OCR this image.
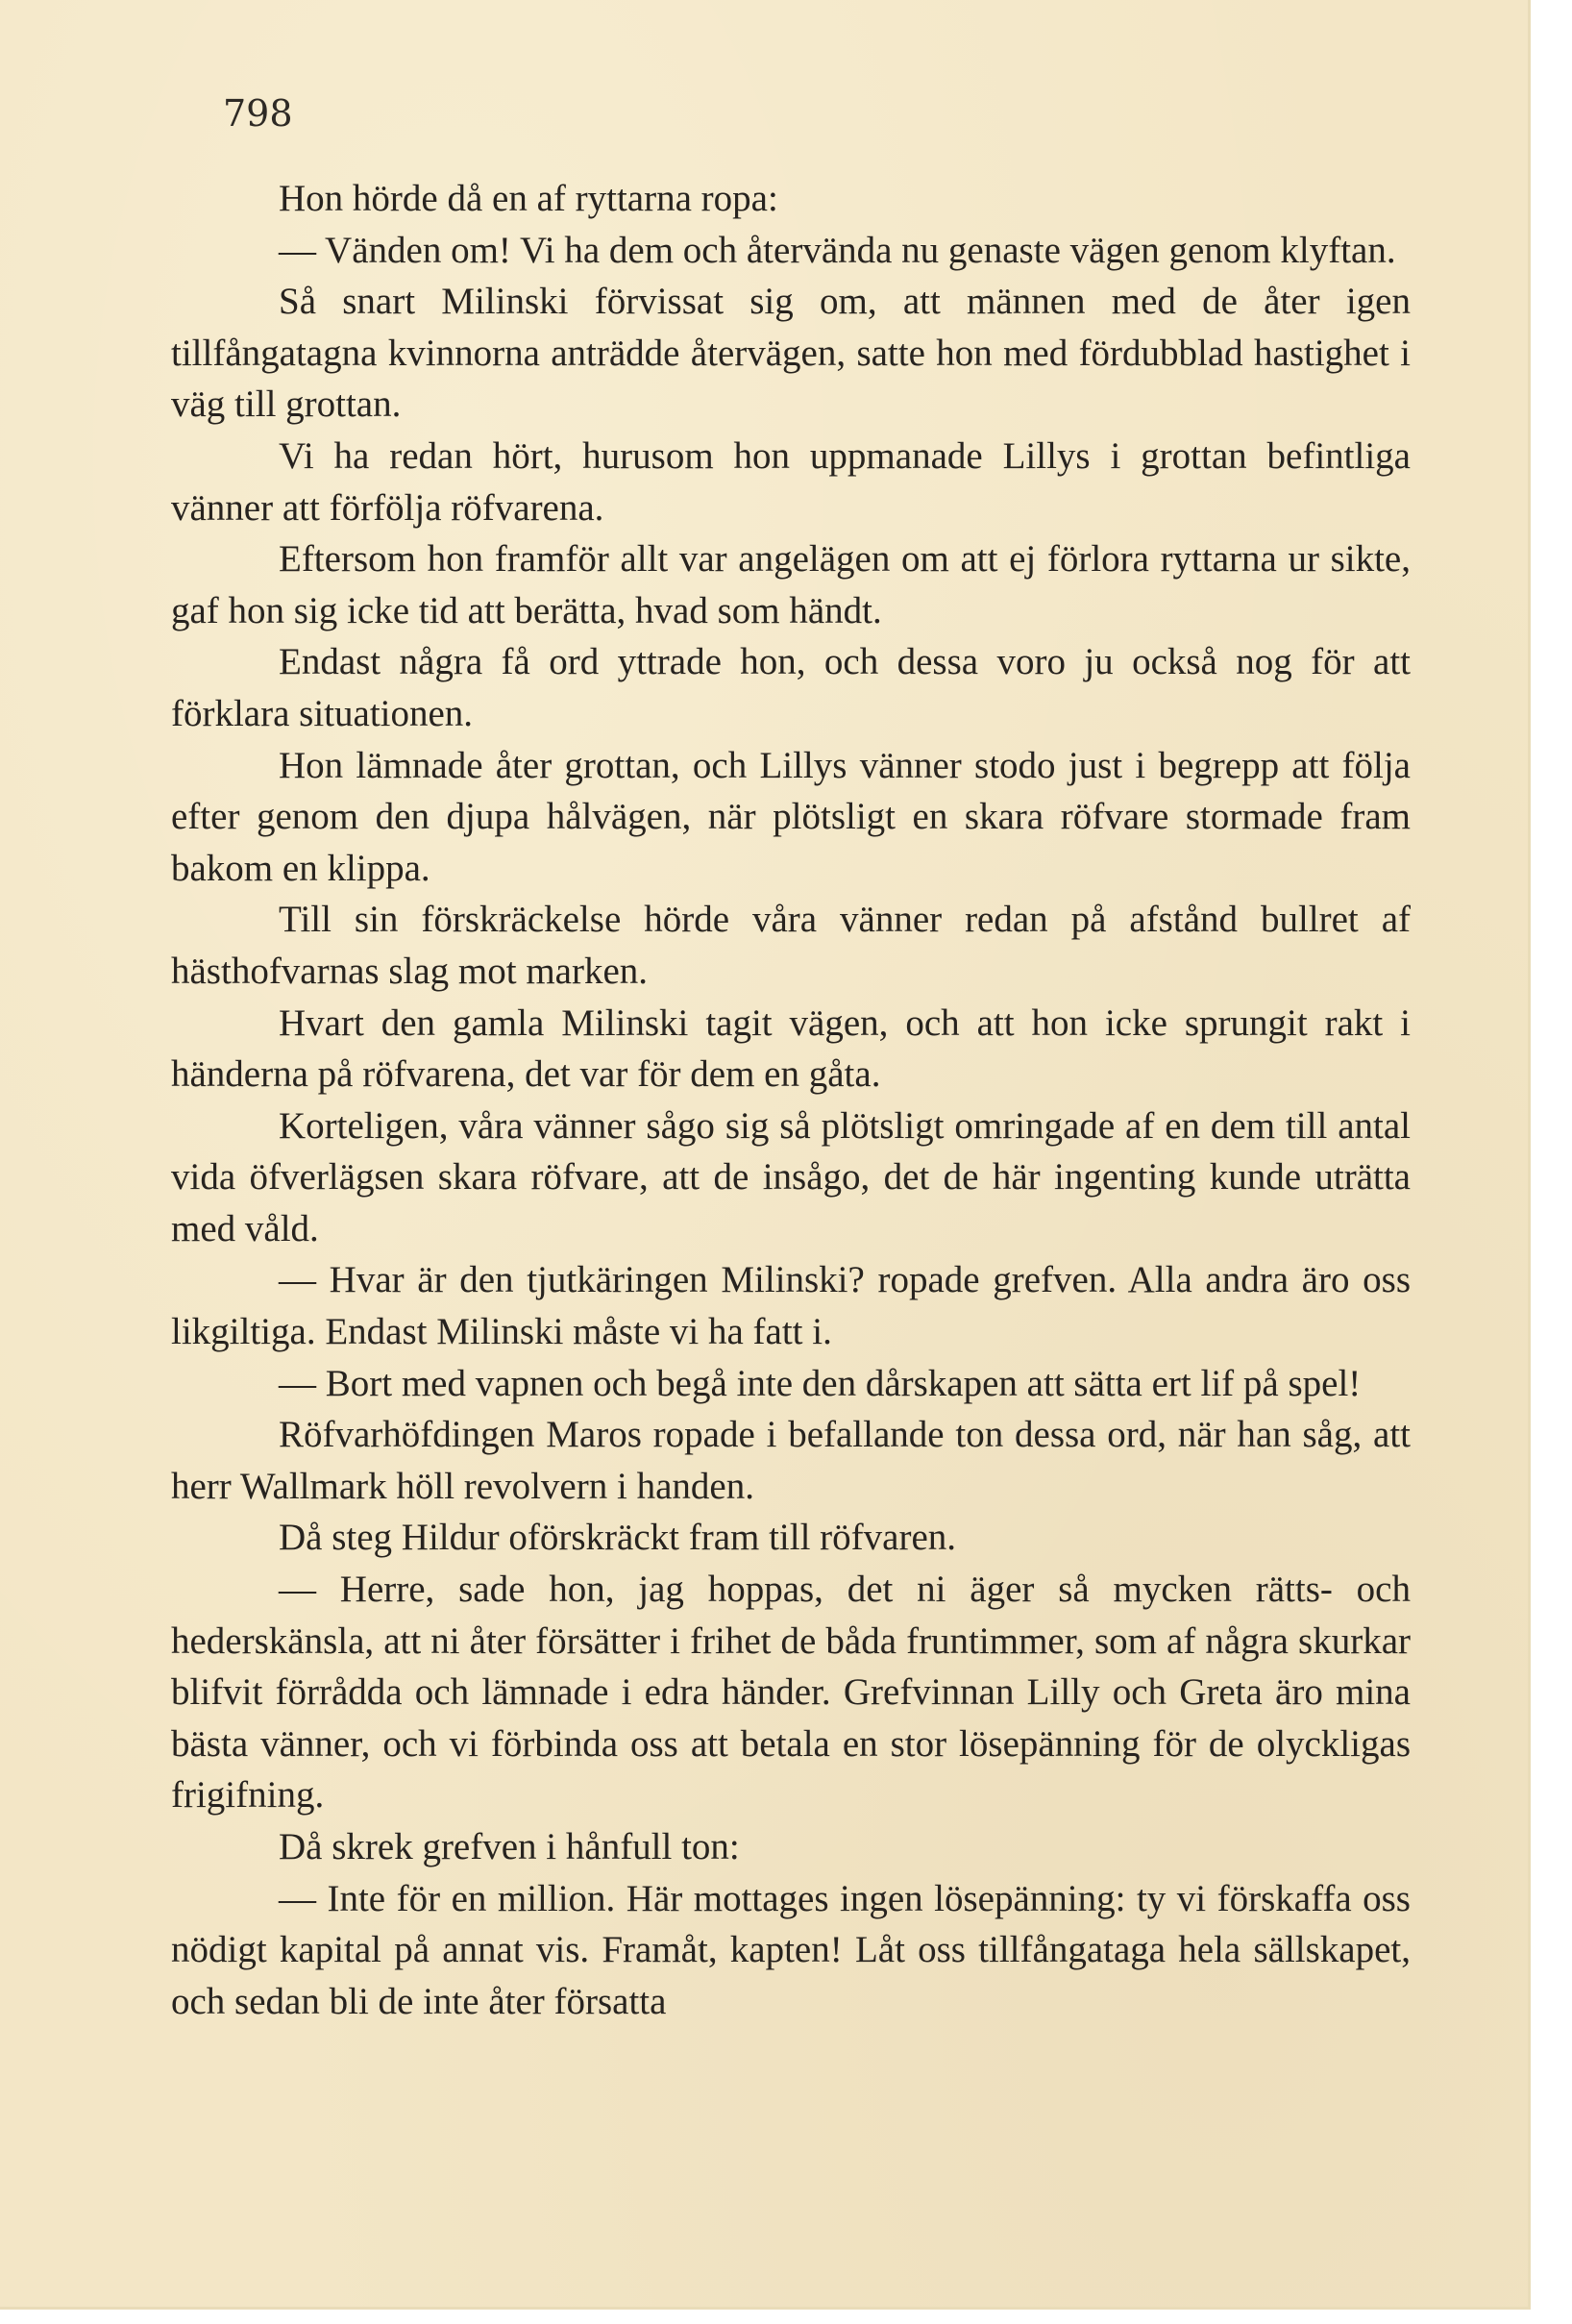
798

Hon hörde då en af ryttarna ropa:

— Vänden om! Vi ha dem och återvända nu genaste vägen genom klyftan.

Så snart Milinski förvissat sig om, att männen med de åter igen tillfångatagna kvinnorna anträdde återvägen, satte hon med fördubblad hastighet i väg till grottan.

Vi ha redan hört, hurusom hon uppmanade Lillys i grottan befintliga vänner att förfölja röfvarena.

Eftersom hon framför allt var angelägen om att ej förlora ryttarna ur sikte, gaf hon sig icke tid att berätta, hvad som händt.

Endast några få ord yttrade hon, och dessa voro ju också nog för att förklara situationen.

Hon lämnade åter grottan, och Lillys vänner stodo just i begrepp att följa efter genom den djupa hålvägen, när plötsligt en skara röfvare stormade fram bakom en klippa.

Till sin förskräckelse hörde våra vänner redan på afstånd bullret af hästhofvarnas slag mot marken.

Hvart den gamla Milinski tagit vägen, och att hon icke sprungit rakt i händerna på röfvarena, det var för dem en gåta.

Korteligen, våra vänner sågo sig så plötsligt omringade af en dem till antal vida öfverlägsen skara röfvare, att de insågo, det de här ingenting kunde uträtta med våld.

— Hvar är den tjutkäringen Milinski? ropade grefven. Alla andra äro oss likgiltiga. Endast Milinski måste vi ha fatt i.

— Bort med vapnen och begå inte den dårskapen att sätta ert lif på spel!

Röfvarhöfdingen Maros ropade i befallande ton dessa ord, när han såg, att herr Wallmark höll revolvern i handen.

Då steg Hildur oförskräckt fram till röfvaren.

— Herre, sade hon, jag hoppas, det ni äger så mycken rätts- och hederskänsla, att ni åter försätter i frihet de båda fruntimmer, som af några skurkar blifvit förrådda och lämnade i edra händer. Grefvinnan Lilly och Greta äro mina bästa vänner, och vi förbinda oss att betala en stor lösepänning för de olyckligas frigifning.

Då skrek grefven i hånfull ton:

— Inte för en million. Här mottages ingen lösepänning: ty vi förskaffa oss nödigt kapital på annat vis. Framåt, kapten! Låt oss tillfångataga hela sällskapet, och sedan bli de inte åter försatta
